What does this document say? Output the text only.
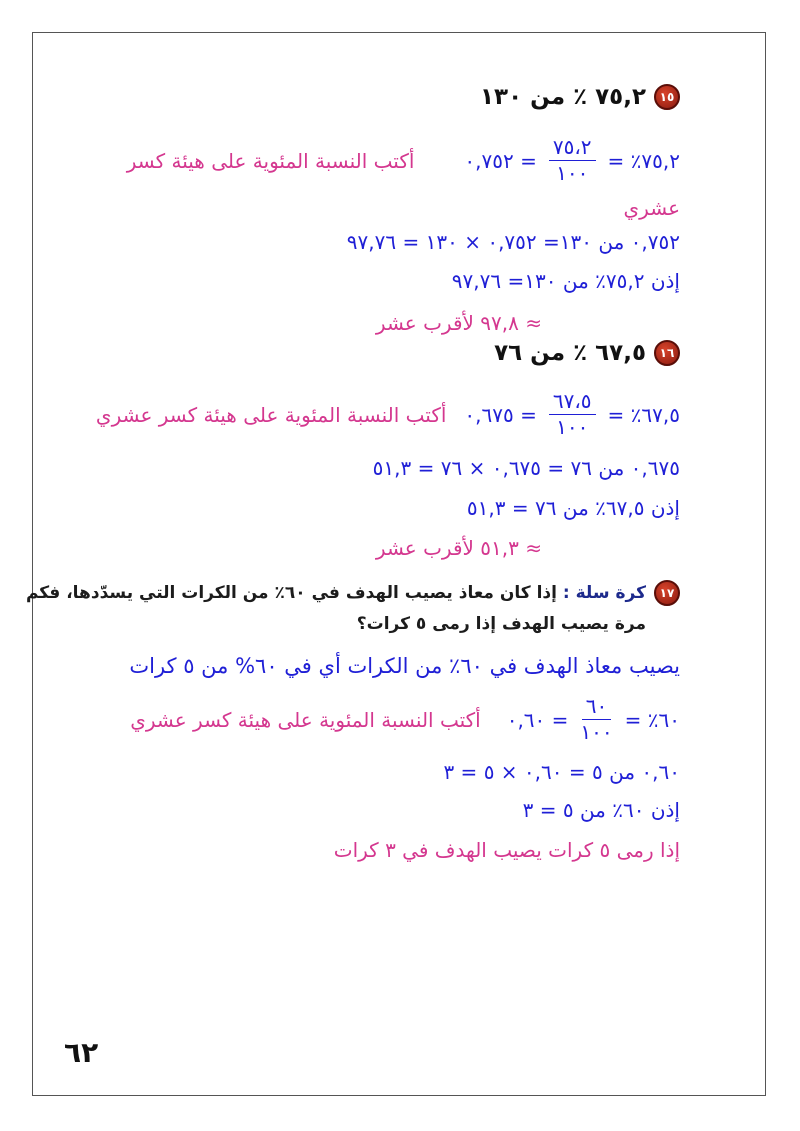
١٥
٧٥,٢ ٪ من ١٣٠
٧٥,٢٪ =
$\frac{٧٥،٢}{١٠٠}$
= ٠,٧٥٢
أكتب النسبة المئوية على هيئة كسر
عشري
٠,٧٥٢ من ١٣٠= ٠,٧٥٢ × ١٣٠ = ٩٧,٧٦
إذن ٧٥,٢٪ من ١٣٠= ٩٧,٧٦
≈ ٩٧,٨ لأقرب عشر
١٦
٦٧,٥ ٪ من ٧٦
٦٧,٥٪ =
$\frac{٦٧،٥}{١٠٠}$
= ٠,٦٧٥
أكتب النسبة المئوية على هيئة كسر عشري
٠,٦٧٥ من ٧٦ = ٠,٦٧٥ × ٧٦ = ٥١,٣
إذن ٦٧,٥٪ من ٧٦ = ٥١,٣
≈ ٥١,٣ لأقرب عشر
١٧
كرة سلة : إذا كان معاذ يصيب الهدف في ٦٠٪ من الكرات التي يسدّدها، فكم
مرة يصيب الهدف إذا رمى ٥ كرات؟
يصيب معاذ الهدف في ٦٠٪ من الكرات أي في ٦٠% من ٥ كرات
٦٠٪ =
$\frac{٦٠}{١٠٠}$
= ٠,٦٠
أكتب النسبة المئوية على هيئة كسر عشري
٠,٦٠ من ٥ = ٠,٦٠ × ٥ = ٣
إذن ٦٠٪ من ٥ = ٣
إذا رمى ٥ كرات يصيب الهدف في ٣ كرات
٦٢
